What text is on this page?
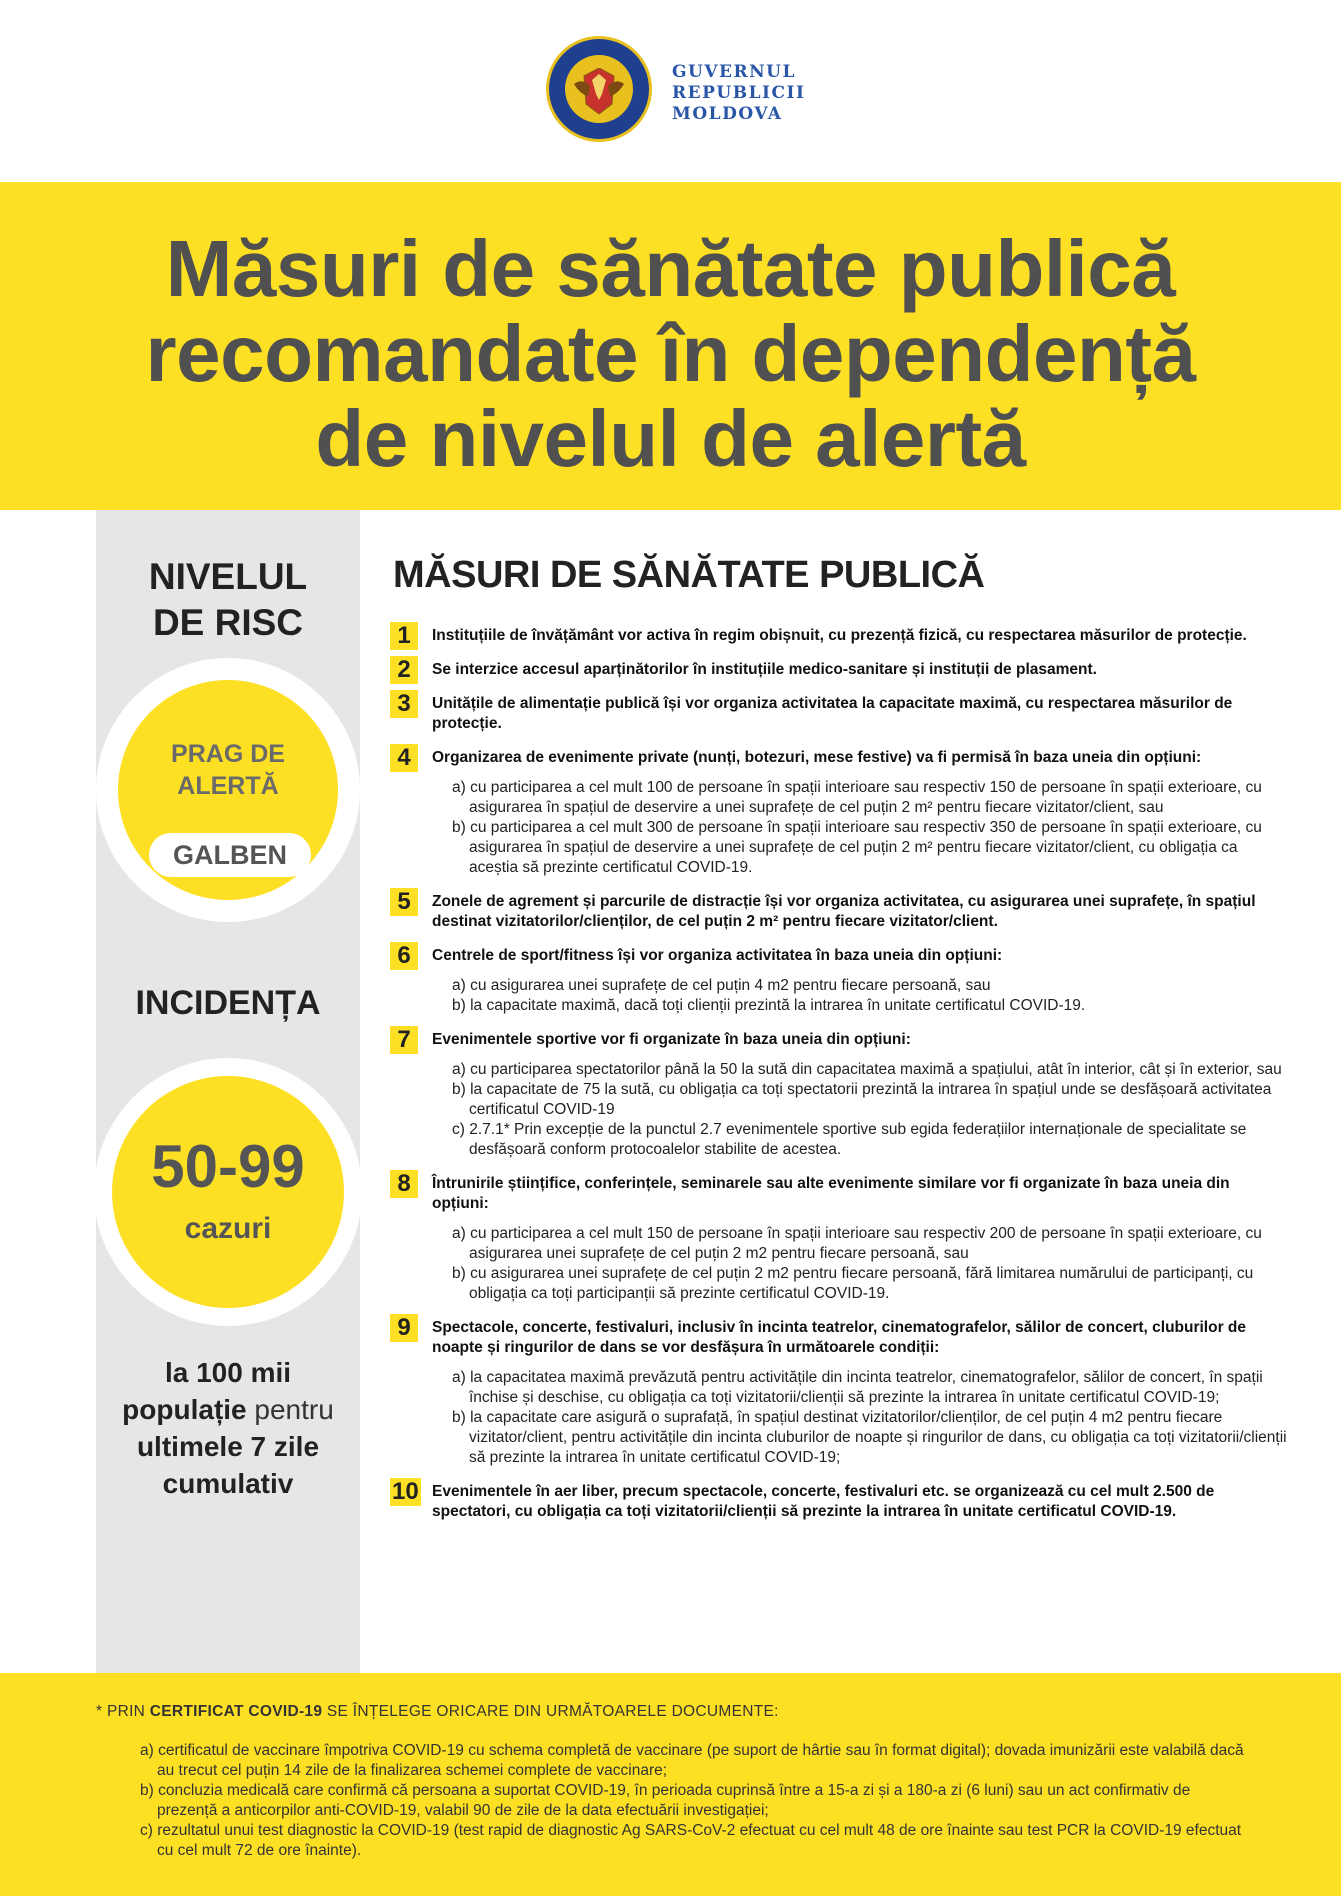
GUVERNUL
REPUBLICII
MOLDOVA
Măsuri de sănătate publică
recomandate în dependență
de nivelul de alertă
NIVELUL
DE RISC
PRAG DE
ALERTĂ
GALBEN
INCIDENȚA
50-99
cazuri
la 100 mii
populație pentru
ultimele 7 zile
cumulativ
MĂSURI DE SĂNĂTATE PUBLICĂ
1	Instituțiile de învățământ vor activa în regim obișnuit, cu prezență fizică, cu respectarea măsurilor de protecție.
2	Se interzice accesul aparținătorilor în instituțiile medico-sanitare și instituții de plasament.
3	Unitățile de alimentație publică își vor organiza activitatea la capacitate maximă, cu respectarea măsurilor de protecție.
4	Organizarea de evenimente private (nunți, botezuri, mese festive) va fi permisă în baza uneia din opțiuni:
a) cu participarea a cel mult 100 de persoane în spații interioare sau respectiv 150 de persoane în spații exterioare, cu asigurarea în spațiul de deservire a unei suprafețe de cel puțin 2 m² pentru fiecare vizitator/client, sau
b) cu participarea a cel mult 300 de persoane în spații interioare sau respectiv 350 de persoane în spații exterioare, cu asigurarea în spațiul de deservire a unei suprafețe de cel puțin 2 m² pentru fiecare vizitator/client, cu obligația ca aceștia să prezinte certificatul COVID-19.
5	Zonele de agrement și parcurile de distracție își vor organiza activitatea, cu asigurarea unei suprafețe, în spațiul destinat vizitatorilor/clienților, de cel puțin 2 m² pentru fiecare vizitator/client.
6	Centrele de sport/fitness își vor organiza activitatea în baza uneia din opțiuni:
a) cu asigurarea unei suprafețe de cel puțin 4 m2 pentru fiecare persoană, sau
b) la capacitate maximă, dacă toți clienții prezintă la intrarea în unitate certificatul COVID-19.
7	Evenimentele sportive vor fi organizate în baza uneia din opțiuni:
a) cu participarea spectatorilor până la 50 la sută din capacitatea maximă a spațiului, atât în interior, cât și în exterior, sau
b) la capacitate de 75 la sută, cu obligația ca toți spectatorii prezintă la intrarea în spațiul unde se desfășoară activitatea certificatul COVID-19
c) 2.7.1* Prin excepție de la punctul 2.7 evenimentele sportive sub egida federațiilor internaționale de specialitate se desfășoară conform protocoalelor stabilite de acestea.
8	Întrunirile științifice, conferințele, seminarele sau alte evenimente similare vor fi organizate în baza uneia din opțiuni:
a) cu participarea a cel mult 150 de persoane în spații interioare sau respectiv 200 de persoane în spații exterioare, cu asigurarea unei suprafețe de cel puțin 2 m2 pentru fiecare persoană, sau
b) cu asigurarea unei suprafețe de cel puțin 2 m2 pentru fiecare persoană, fără limitarea numărului de participanți, cu obligația ca toți participanții să prezinte certificatul COVID-19.
9	Spectacole, concerte, festivaluri, inclusiv în incinta teatrelor, cinematografelor, sălilor de concert, cluburilor de noapte și ringurilor de dans se vor desfășura în următoarele condiții:
a) la capacitatea maximă prevăzută pentru activitățile din incinta teatrelor, cinematografelor, sălilor de concert, în spații închise și deschise, cu obligația ca toți vizitatorii/clienții să prezinte la intrarea în unitate certificatul COVID-19;
b) la capacitate care asigură o suprafață, în spațiul destinat vizitatorilor/clienților, de cel puțin 4 m2 pentru fiecare vizitator/client, pentru activitățile din incinta cluburilor de noapte și ringurilor de dans, cu obligația ca toți vizitatorii/clienții să prezinte la intrarea în unitate certificatul COVID-19;
10 Evenimentele în aer liber, precum spectacole, concerte, festivaluri etc. se organizează cu cel mult 2.500 de spectatori, cu obligația ca toți vizitatorii/clienții să prezinte la intrarea în unitate certificatul COVID-19.
* PRIN CERTIFICAT COVID-19 SE ÎNȚELEGE ORICARE DIN URMĂTOARELE DOCUMENTE:
a) certificatul de vaccinare împotriva COVID-19 cu schema completă de vaccinare (pe suport de hârtie sau în format digital); dovada imunizării este valabilă dacă au trecut cel puțin 14 zile de la finalizarea schemei complete de vaccinare;
b) concluzia medicală care confirmă că persoana a suportat COVID-19, în perioada cuprinsă între a 15-a zi și a 180-a zi (6 luni) sau un act confirmativ de prezență a anticorpilor anti-COVID-19, valabil 90 de zile de la data efectuării investigației;
c) rezultatul unui test diagnostic la COVID-19 (test rapid de diagnostic Ag SARS-CoV-2 efectuat cu cel mult 48 de ore înainte sau test PCR la COVID-19 efectuat cu cel mult 72 de ore înainte).
